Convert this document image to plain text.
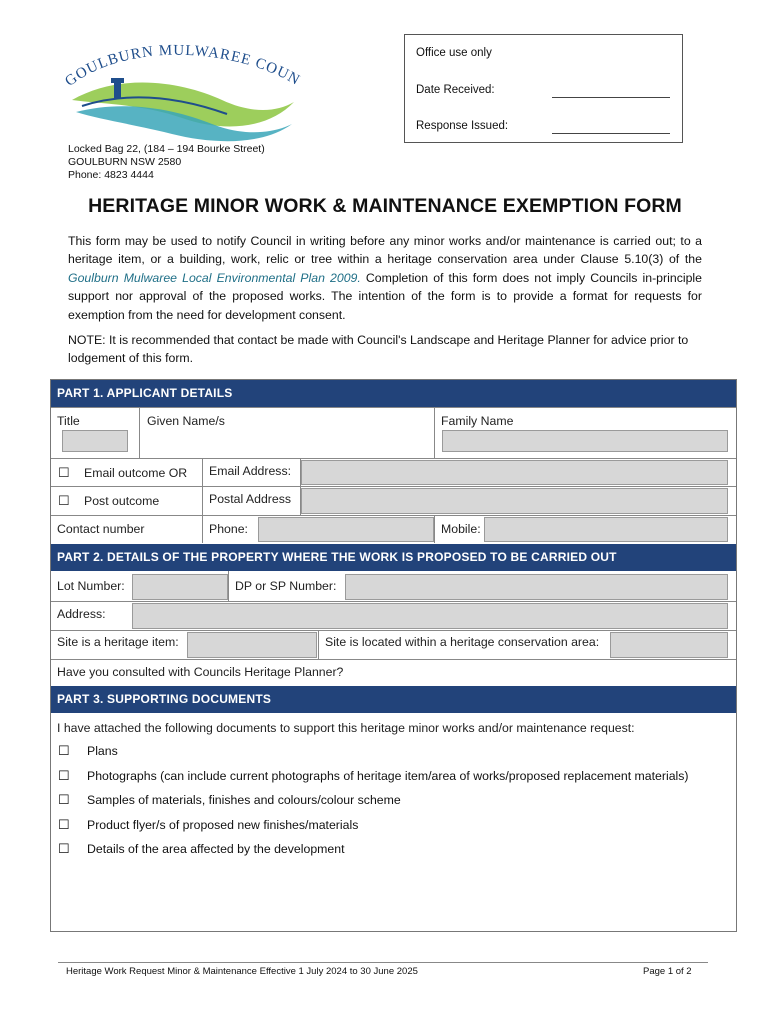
GOULBURN MULWAREE COUN
Office use only
Date Received:
Response Issued:
Locked Bag 22, (184 – 194 Bourke Street)
GOULBURN NSW 2580
Phone: 4823 4444
HERITAGE MINOR WORK & MAINTENANCE EXEMPTION FORM
This form may be used to notify Council in writing before any minor works and/or maintenance is carried out; to a heritage item, or a building, work, relic or tree within a heritage conservation area under Clause 5.10(3) of the Goulburn Mulwaree Local Environmental Plan 2009. Completion of this form does not imply Councils in-principle support nor approval of the proposed works. The intention of the form is to provide a format for requests for exemption from the need for development consent.
NOTE: It is recommended that contact be made with Council's Landscape and Heritage Planner for advice prior to lodgement of this form.
PART 1. APPLICANT DETAILS
Title	Given Name/s	Family Name
☐ Email outcome OR Email Address:
☐ Post outcome	Postal Address
Contact number	Phone:	Mobile:
PART 2. DETAILS OF THE PROPERTY WHERE THE WORK IS PROPOSED TO BE CARRIED OUT
Lot Number:	DP or SP Number:
Address:
Site is a heritage item:	Site is located within a heritage conservation area:
Have you consulted with Councils Heritage Planner?
PART 3. SUPPORTING DOCUMENTS
I have attached the following documents to support this heritage minor works and/or maintenance request:
☐ Plans
☐ Photographs (can include current photographs of heritage item/area of works/proposed replacement materials)
☐ Samples of materials, finishes and colours/colour scheme
☐ Product flyer/s of proposed new finishes/materials
☐ Details of the area affected by the development
Heritage Work Request Minor & Maintenance Effective 1 July 2024 to 30 June 2025	Page 1 of 2
